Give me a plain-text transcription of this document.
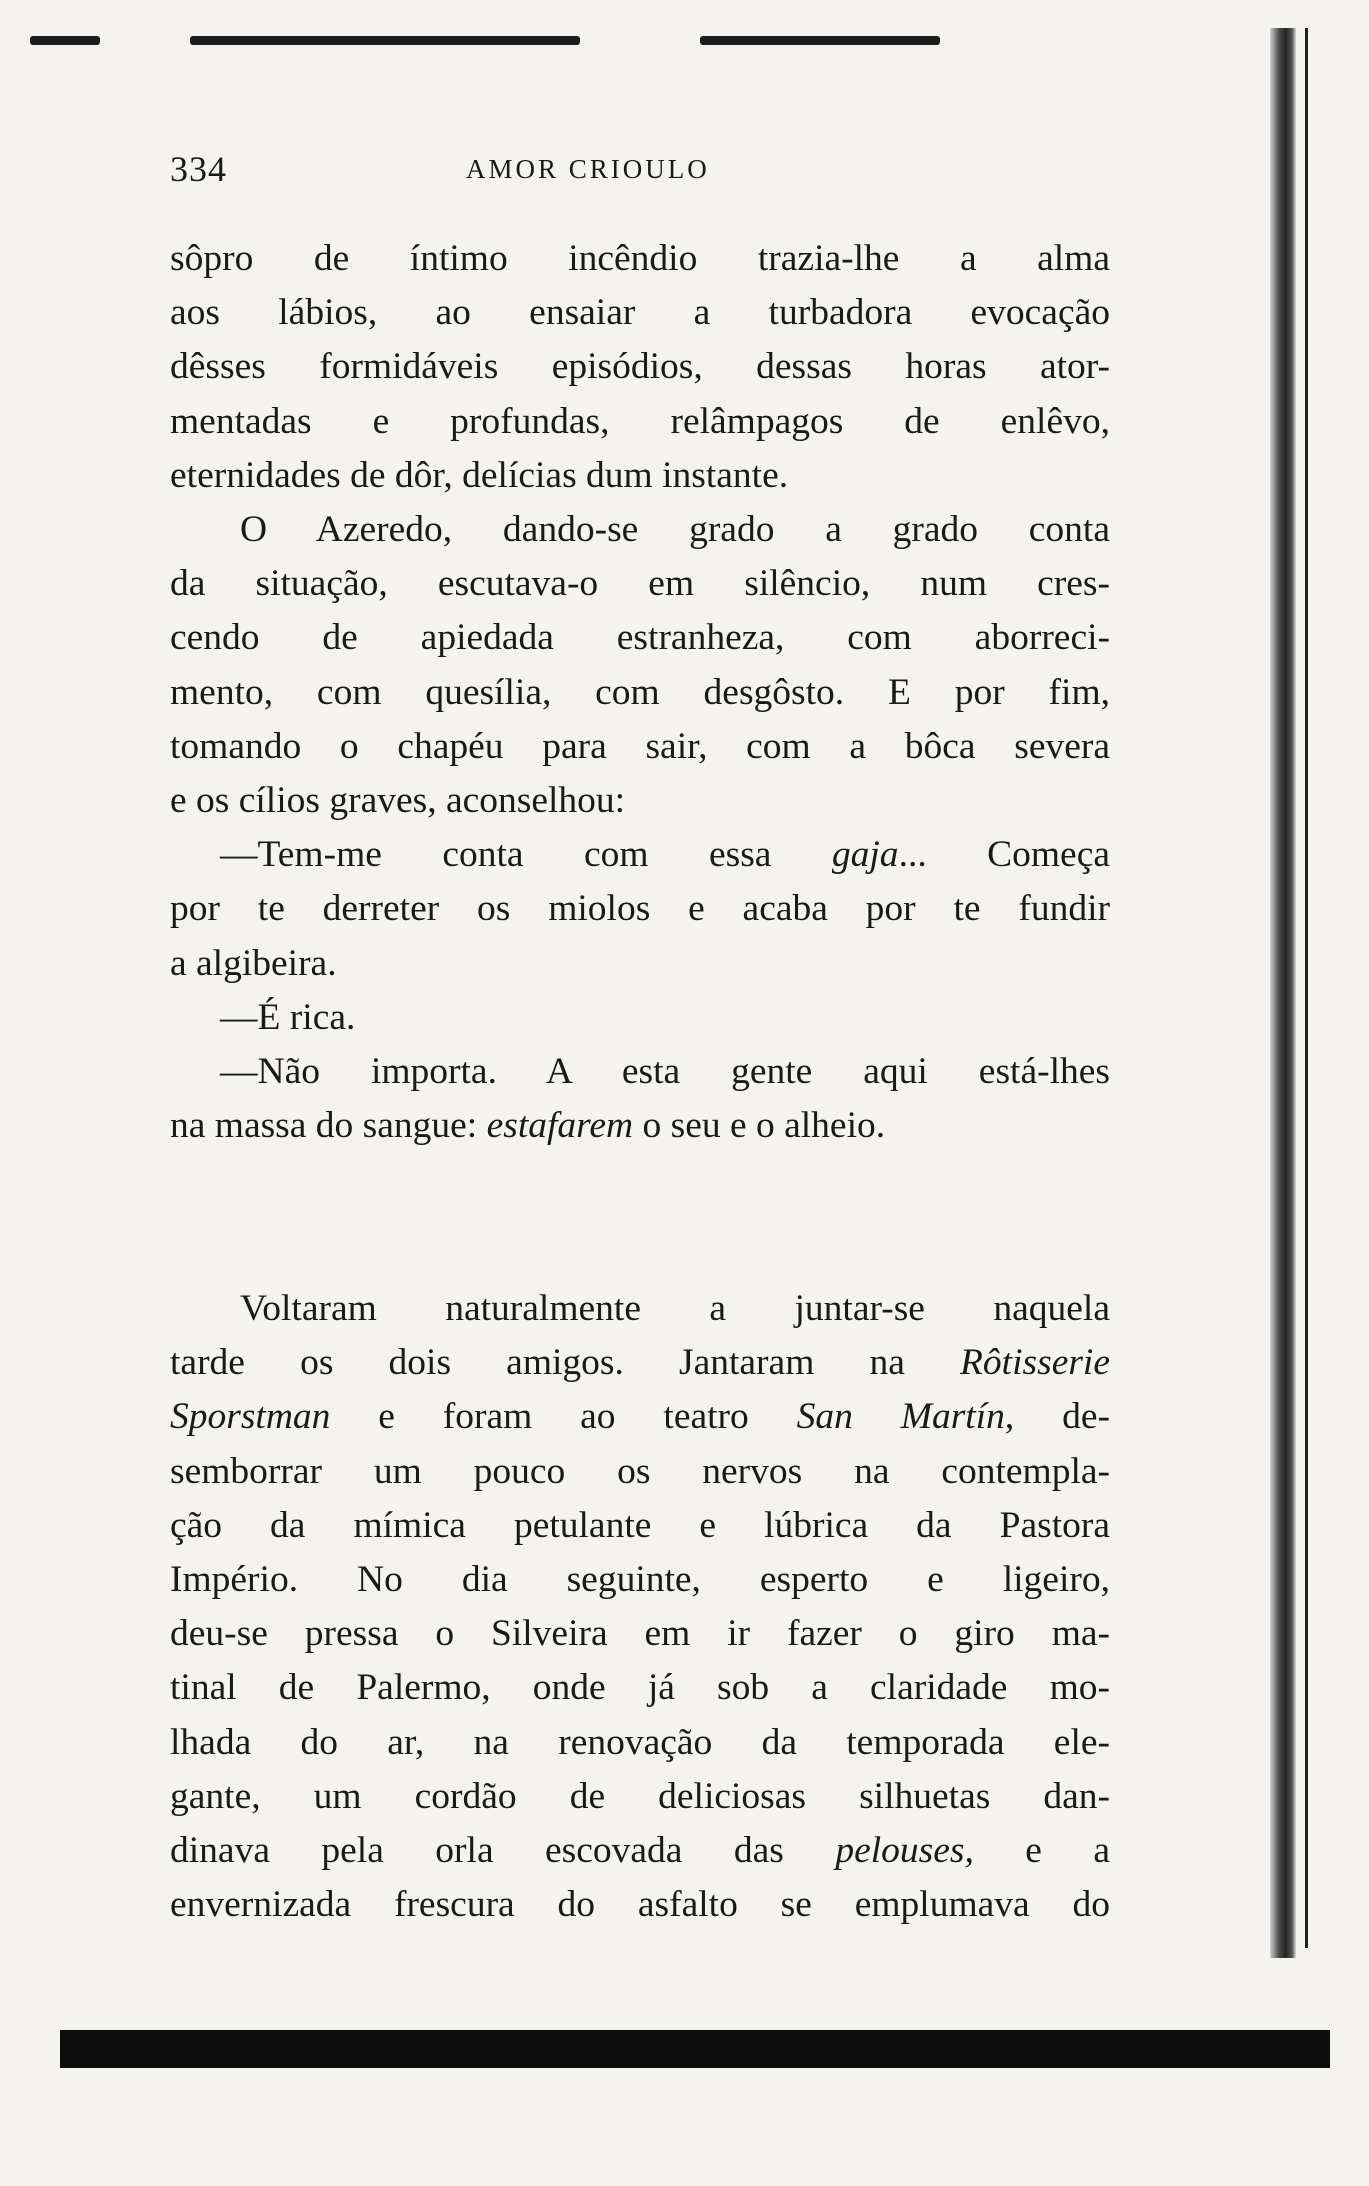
334	AMOR CRIOULO
sôpro de íntimo incêndio trazia-lhe a alma
aos lábios, ao ensaiar a turbadora evocação
dêsses formidáveis episódios, dessas horas ator-
mentadas e profundas, relâmpagos de enlêvo,
eternidades de dôr, delícias dum instante.
O Azeredo, dando-se grado a grado conta
da situação, escutava-o em silêncio, num cres-
cendo de apiedada estranheza, com aborreci-
mento, com quesília, com desgôsto. E por fim,
tomando o chapéu para sair, com a bôca severa
e os cílios graves, aconselhou:
—Tem-me conta com essa gaja... Começa
por te derreter os miolos e acaba por te fundir
a algibeira.
—É rica.
—Não importa. A esta gente aqui está-lhes
na massa do sangue: estafarem o seu e o alheio.
Voltaram naturalmente a juntar-se naquela
tarde os dois amigos. Jantaram na Rôtisserie
Sporstman e foram ao teatro San Martín, de-
semborrar um pouco os nervos na contempla-
ção da mímica petulante e lúbrica da Pastora
Império. No dia seguinte, esperto e ligeiro,
deu-se pressa o Silveira em ir fazer o giro ma-
tinal de Palermo, onde já sob a claridade mo-
lhada do ar, na renovação da temporada ele-
gante, um cordão de deliciosas silhuetas dan-
dinava pela orla escovada das pelouses, e a
envernizada frescura do asfalto se emplumava do
